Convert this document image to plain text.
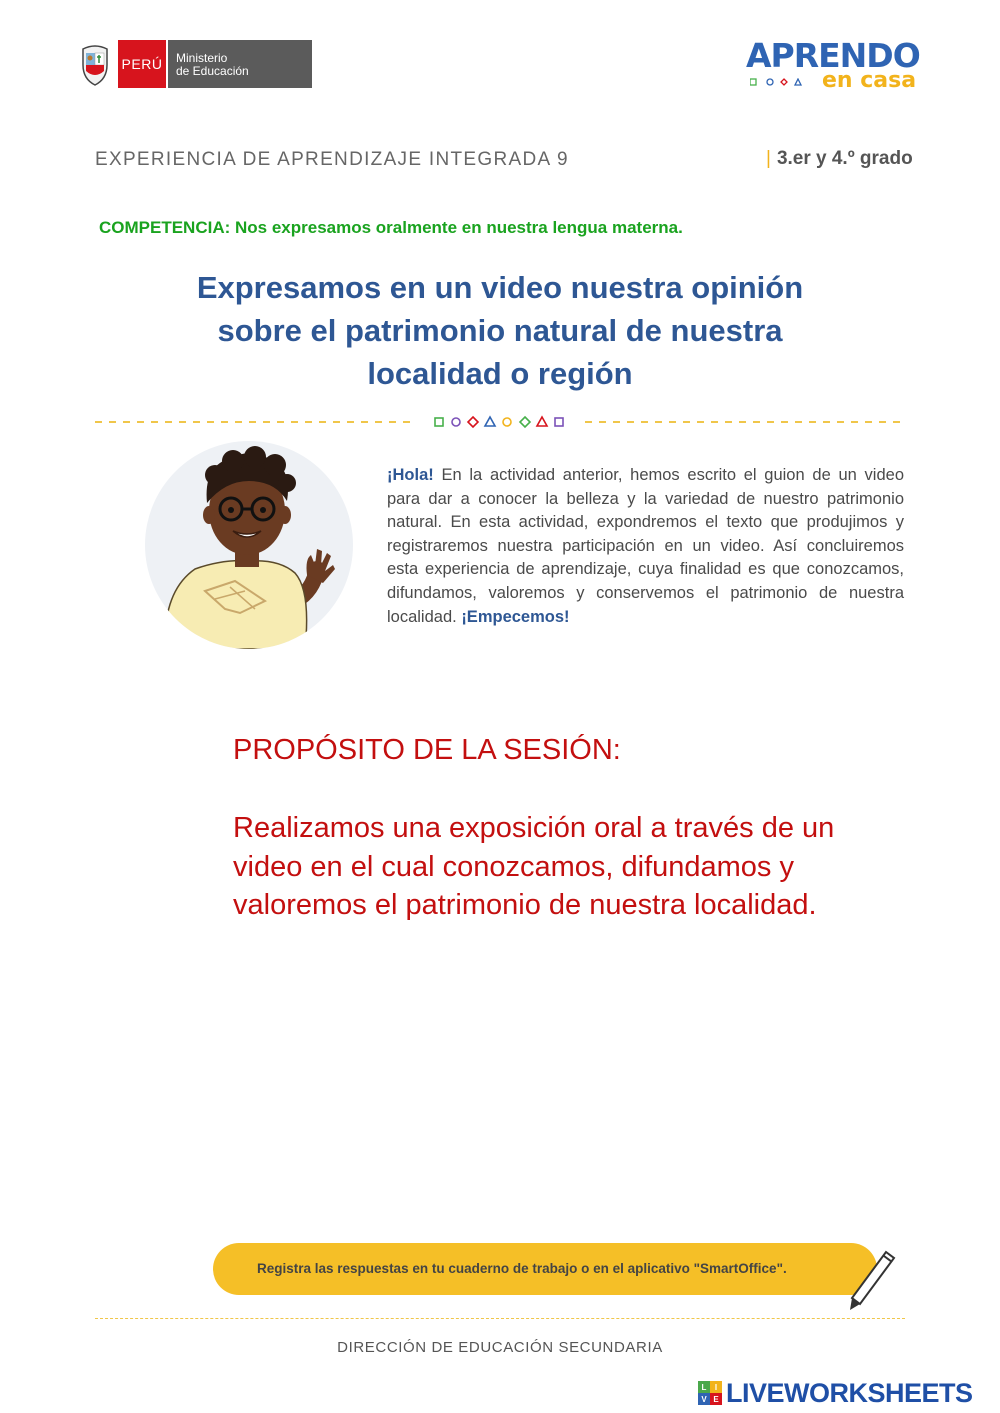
PERÚ Ministerio
de Educación	APRENDO
en casa
EXPERIENCIA DE APRENDIZAJE INTEGRADA 9	| 3.er y 4.º grado
COMPETENCIA: Nos expresamos oralmente en nuestra lengua materna.
Expresamos en un video nuestra opinión
sobre el patrimonio natural de nuestra
localidad o región
¡Hola! En la actividad anterior, hemos escrito el guion de un video para dar a conocer la belleza y la variedad de nuestro patrimonio natural. En esta actividad, expondremos el texto que produjimos y registraremos nuestra participación en un video. Así concluiremos esta experiencia de aprendizaje, cuya finalidad es que conozcamos, difundamos, valoremos y conservemos el patrimonio de nuestra localidad. ¡Empecemos!
PROPÓSITO DE LA SESIÓN:
Realizamos una exposición oral a través de un video en el cual conozcamos, difundamos y valoremos el patrimonio de nuestra localidad.
Registra las respuestas en tu cuaderno de trabajo o en el aplicativo "SmartOffice".
DIRECCIÓN DE EDUCACIÓN SECUNDARIA
L	I
V E LIVEWORKSHEETS
